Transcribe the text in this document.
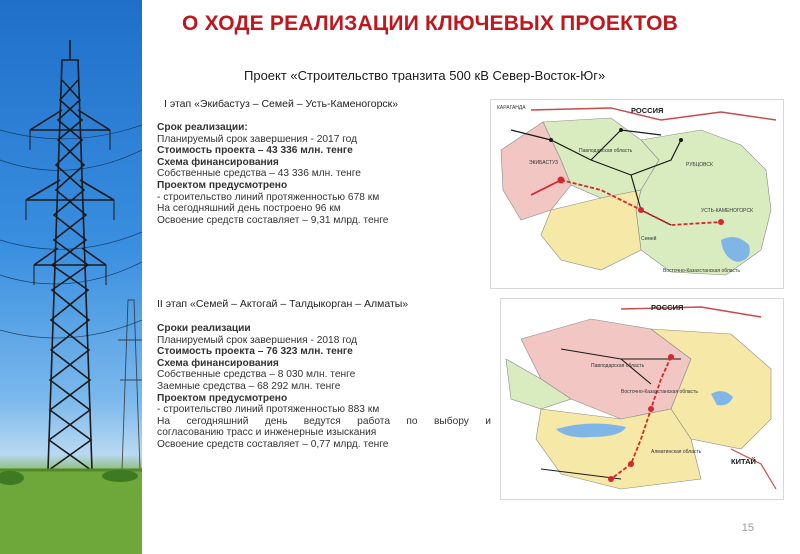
О ХОДЕ РЕАЛИЗАЦИИ КЛЮЧЕВЫХ ПРОЕКТОВ
Проект «Строительство транзита 500 кВ Север-Восток-Юг»
I этап «Экибастуз – Семей – Усть-Каменогорск»
Срок реализации:
Планируемый срок завершения - 2017 год
Стоимость проекта – 43 336 млн. тенге
Схема финансирования
Собственные средства – 43 336 млн. тенге
Проектом предусмотрено
- строительство линий протяженностью 678 км
На сегодняшний день построено 96 км
Освоение средств составляет – 9,31 млрд. тенге
II этап «Семей – Актогай – Талдыкорган – Алматы»
Сроки реализации
Планируемый срок завершения - 2018 год
Стоимость проекта – 76 323 млн. тенге
Схема финансирования
Собственные средства – 8 030 млн. тенге
Заемные средства – 68 292 млн. тенге
Проектом предусмотрено
- строительство линий протяженностью 883 км
На сегодняшний день ведутся работа по выбору и
согласованию трасс и инженерные изыскания
Освоение средств составляет – 0,77 млрд. тенге
РОССИЯ
Павлодарская область
Восточно-Казахстанская область
ЭКИБАСТУЗ
Семей
УСТЬ-КАМЕНОГОРСК
КАРАГАНДА
РУБЦОВСК
РОССИЯ
КИТАЙ
Павлодарская область
Восточно-Казахстанская область
Алматинская область
15
